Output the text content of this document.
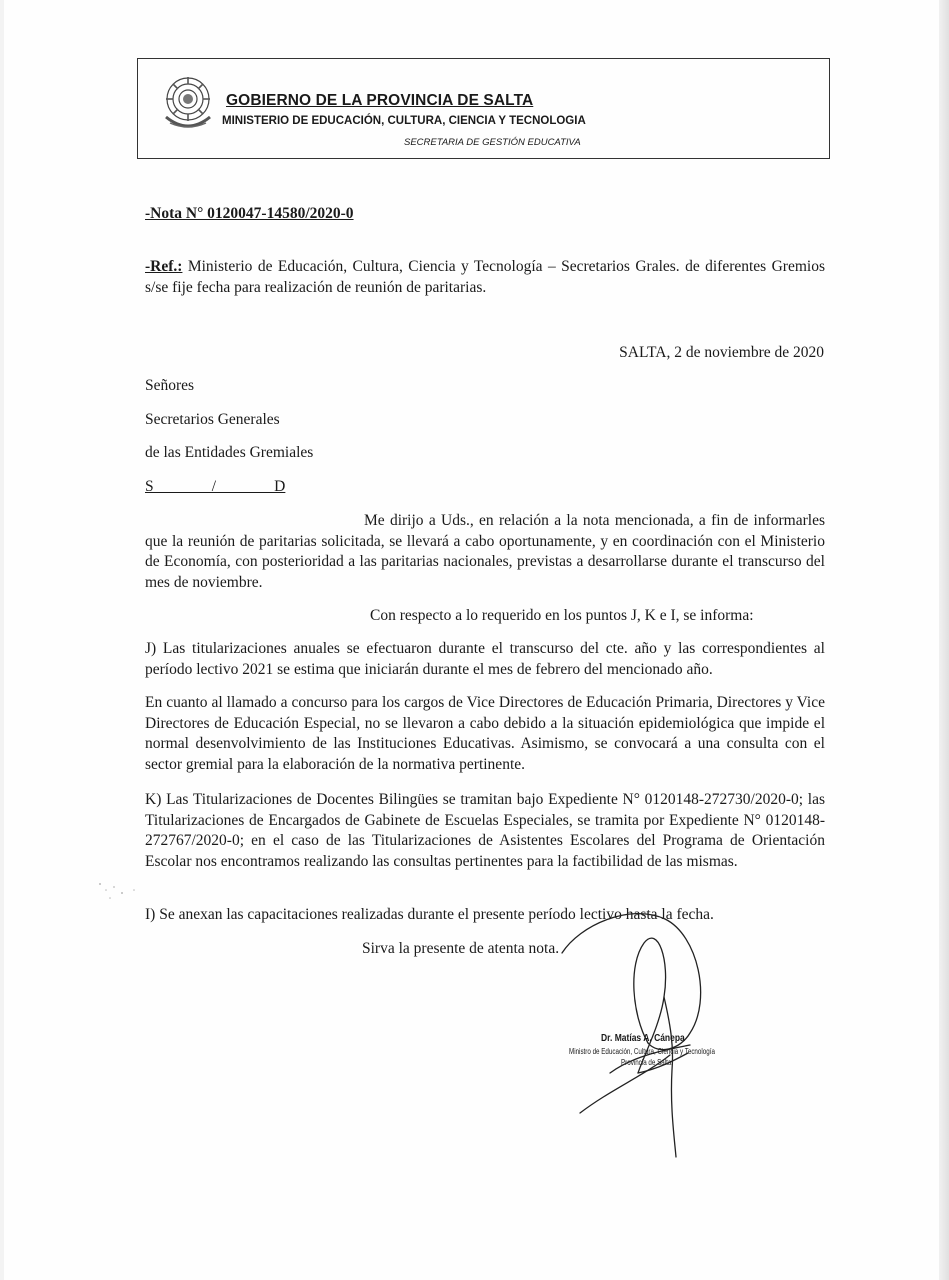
GOBIERNO DE LA PROVINCIA DE SALTA
MINISTERIO DE EDUCACIÓN, CULTURA, CIENCIA Y TECNOLOGIA
SECRETARIA DE GESTIÓN EDUCATIVA
-Nota N° 0120047-14580/2020-0
-Ref.: Ministerio de Educación, Cultura, Ciencia y Tecnología – Secretarios Grales. de diferentes Gremios s/se fije fecha para realización de reunión de paritarias.
SALTA, 2 de noviembre de 2020
Señores
Secretarios Generales
de las Entidades Gremiales
S               /               D
Me dirijo a Uds., en relación a la nota mencionada, a fin de informarles que la reunión de paritarias solicitada, se llevará a cabo oportunamente, y en coordinación con el Ministerio de Economía, con posterioridad a las paritarias nacionales, previstas a desarrollarse durante el transcurso del mes de noviembre.
Con respecto a lo requerido en los puntos J, K e I, se informa:
J) Las titularizaciones anuales se efectuaron durante el transcurso del cte. año y las correspondientes al período lectivo 2021 se estima que iniciarán durante el mes de febrero del mencionado año.
En cuanto al llamado a concurso para los cargos de Vice Directores de Educación Primaria, Directores y Vice Directores de Educación Especial, no se llevaron a cabo debido a la situación epidemiológica que impide el normal desenvolvimiento de las Instituciones Educativas. Asimismo, se convocará a una consulta con el sector gremial para la elaboración de la normativa pertinente.
K) Las Titularizaciones de Docentes Bilingües se tramitan bajo Expediente N° 0120148-272730/2020-0; las Titularizaciones de Encargados de Gabinete de Escuelas Especiales, se tramita por Expediente N° 0120148-272767/2020-0; en el caso de las Titularizaciones de Asistentes Escolares del Programa de Orientación Escolar nos encontramos realizando las consultas pertinentes para la factibilidad de las mismas.
I) Se anexan las capacitaciones realizadas durante el presente período lectivo hasta la fecha.
Sirva la presente de atenta nota.
Dr. Matías A. Cánepa
Ministro de Educación, Cultura, Ciencia y Tecnología
Provincia de Salta
